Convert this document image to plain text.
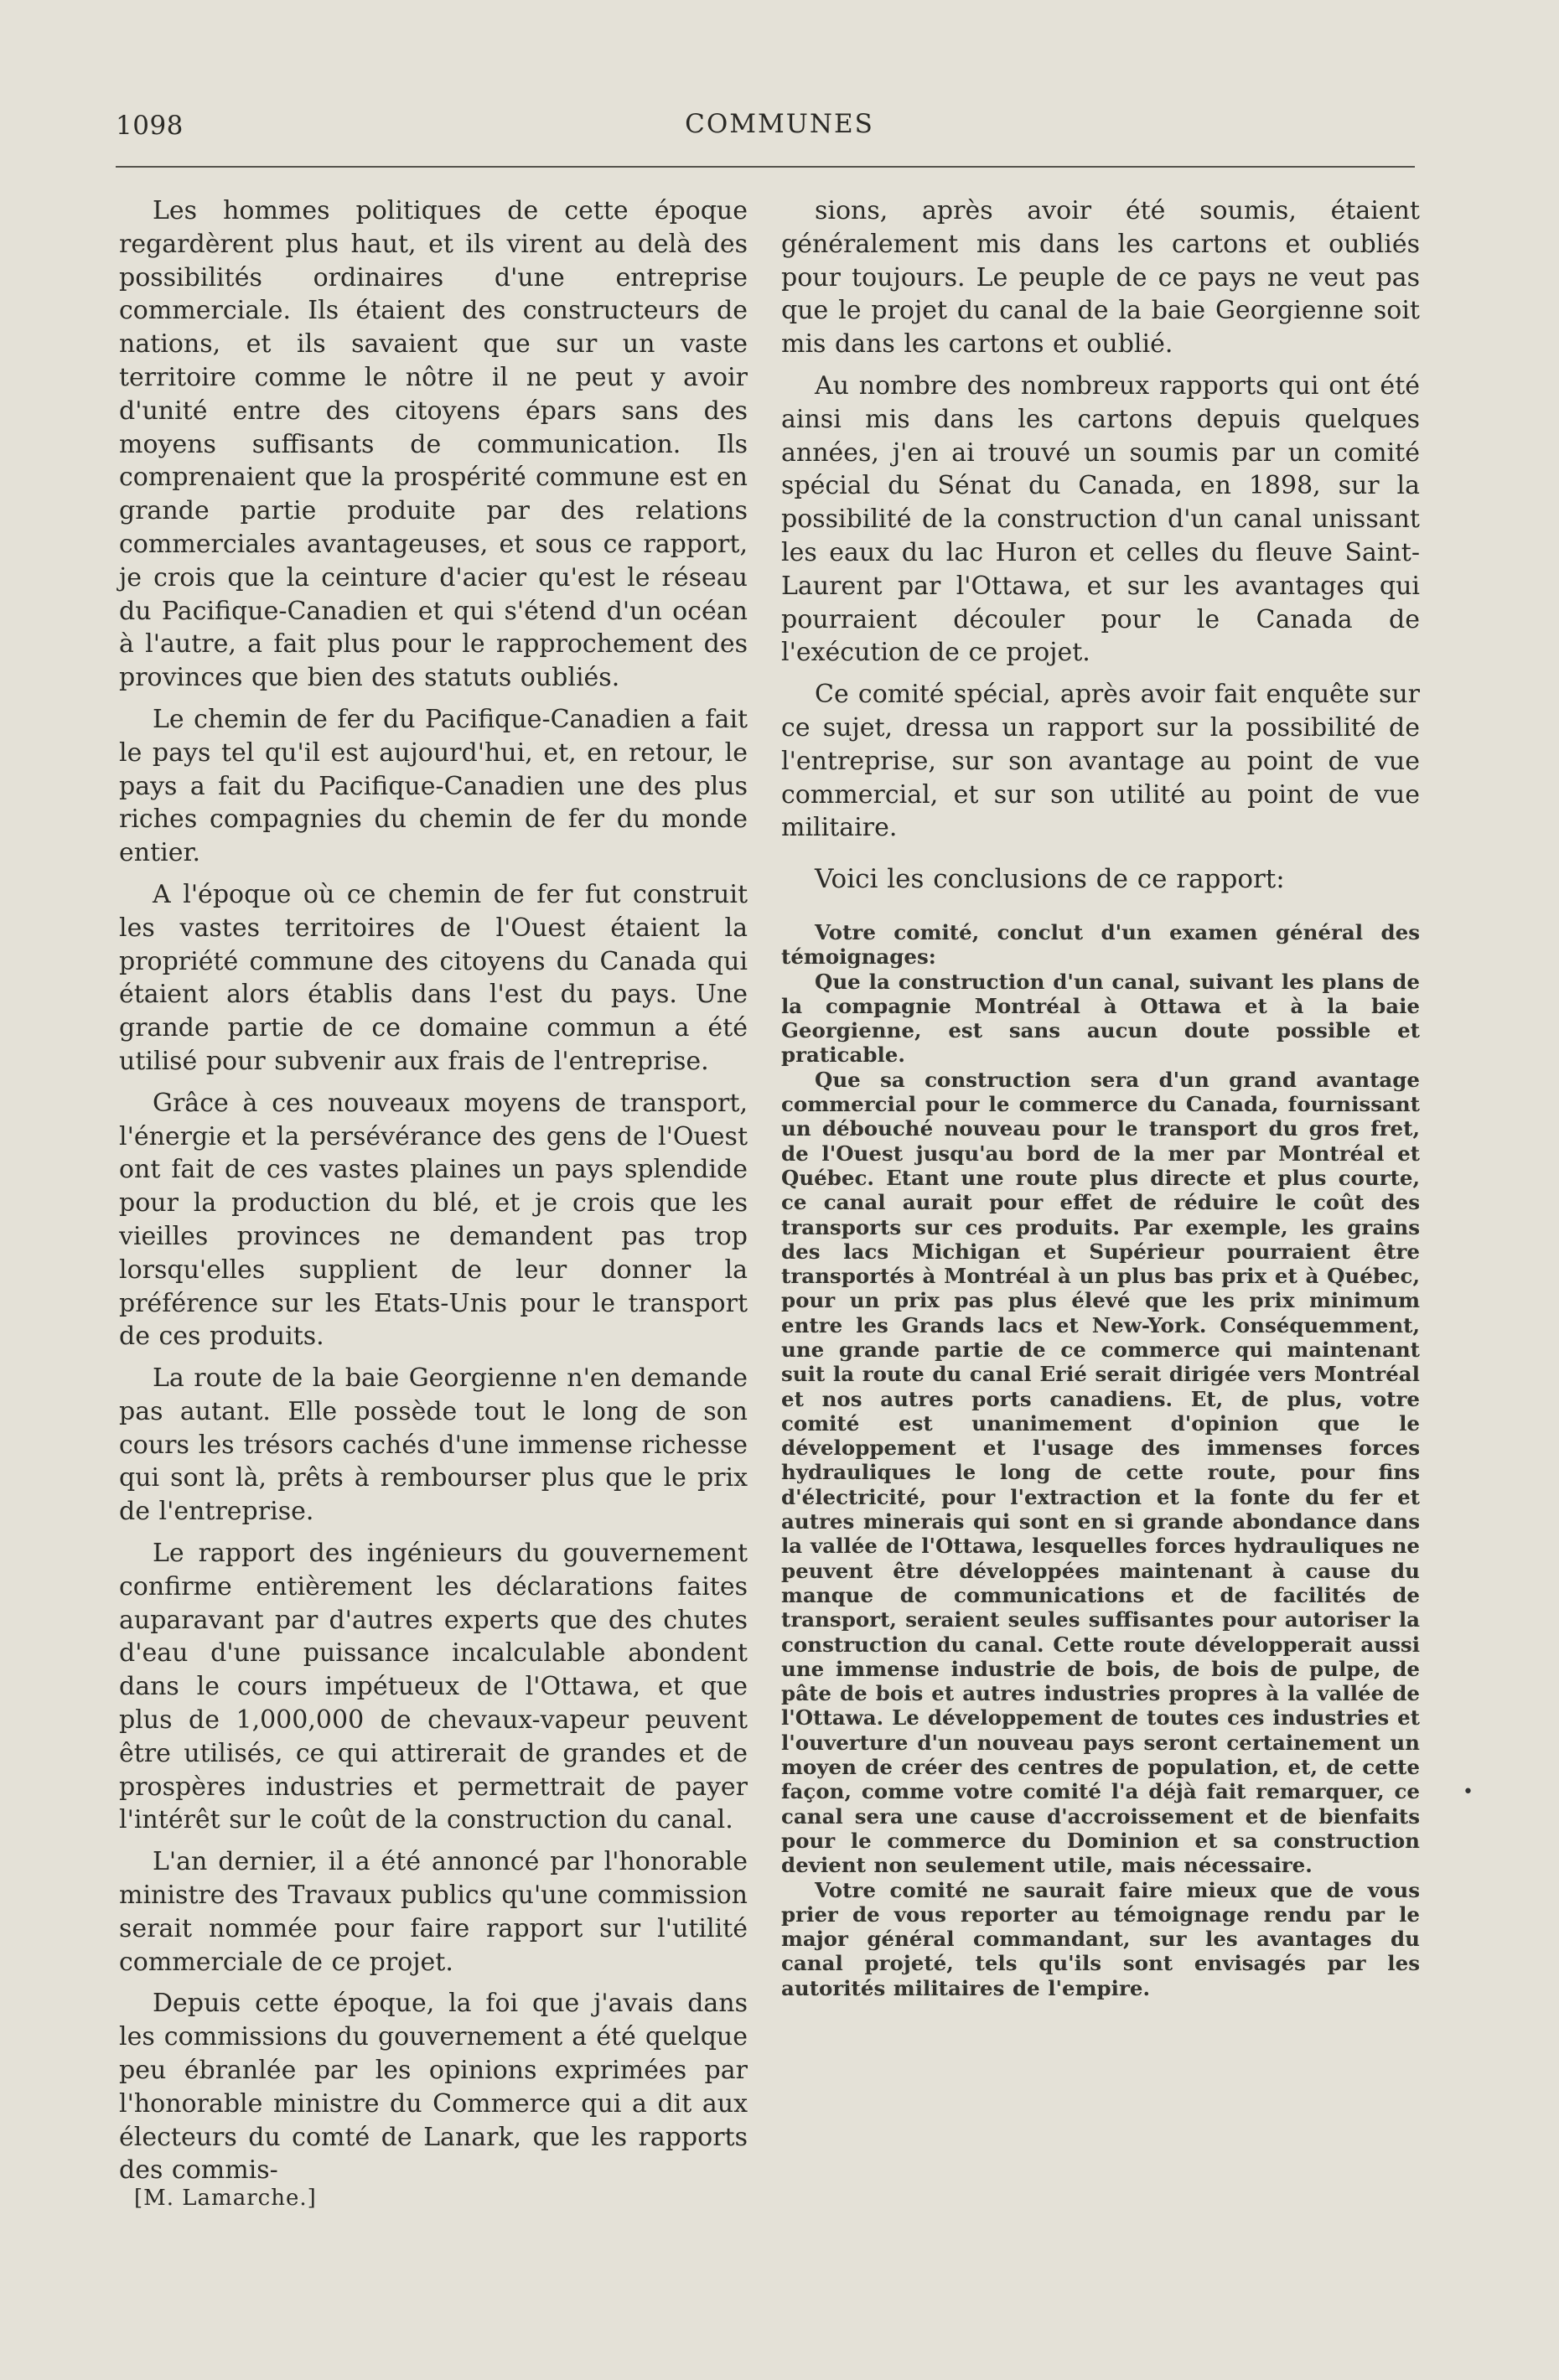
1098	COMMUNES

Les hommes politiques de cette époque regardèrent plus haut, et ils virent au delà des possibilités ordinaires d'une entreprise commerciale. Ils étaient des constructeurs de nations, et ils savaient que sur un vaste territoire comme le nôtre il ne peut y avoir d'unité entre des citoyens épars sans des moyens suffisants de communication. Ils comprenaient que la prospérité commune est en grande partie produite par des relations commerciales avantageuses, et sous ce rapport, je crois que la ceinture d'acier qu'est le réseau du Pacifique-Canadien et qui s'étend d'un océan à l'autre, a fait plus pour le rapprochement des provinces que bien des statuts oubliés.

Le chemin de fer du Pacifique-Canadien a fait le pays tel qu'il est aujourd'hui, et, en retour, le pays a fait du Pacifique-Canadien une des plus riches compagnies du chemin de fer du monde entier.

A l'époque où ce chemin de fer fut construit les vastes territoires de l'Ouest étaient la propriété commune des citoyens du Canada qui étaient alors établis dans l'est du pays. Une grande partie de ce domaine commun a été utilisé pour subvenir aux frais de l'entreprise.

Grâce à ces nouveaux moyens de transport, l'énergie et la persévérance des gens de l'Ouest ont fait de ces vastes plaines un pays splendide pour la production du blé, et je crois que les vieilles provinces ne demandent pas trop lorsqu'elles supplient de leur donner la préférence sur les Etats-Unis pour le transport de ces produits.

La route de la baie Georgienne n'en demande pas autant. Elle possède tout le long de son cours les trésors cachés d'une immense richesse qui sont là, prêts à rembourser plus que le prix de l'entreprise.

Le rapport des ingénieurs du gouvernement confirme entièrement les déclarations faites auparavant par d'autres experts que des chutes d'eau d'une puissance incalculable abondent dans le cours impétueux de l'Ottawa, et que plus de 1,000,000 de chevaux-vapeur peuvent être utilisés, ce qui attirerait de grandes et de prospères industries et permettrait de payer l'intérêt sur le coût de la construction du canal.

L'an dernier, il a été annoncé par l'honorable ministre des Travaux publics qu'une commission serait nommée pour faire rapport sur l'utilité commerciale de ce projet.

Depuis cette époque, la foi que j'avais dans les commissions du gouvernement a été quelque peu ébranlée par les opinions exprimées par l'honorable ministre du Commerce qui a dit aux électeurs du comté de Lanark, que les rapports des commis-

sions, après avoir été soumis, étaient généralement mis dans les cartons et oubliés pour toujours. Le peuple de ce pays ne veut pas que le projet du canal de la baie Georgienne soit mis dans les cartons et oublié.

Au nombre des nombreux rapports qui ont été ainsi mis dans les cartons depuis quelques années, j'en ai trouvé un soumis par un comité spécial du Sénat du Canada, en 1898, sur la possibilité de la construction d'un canal unissant les eaux du lac Huron et celles du fleuve Saint-Laurent par l'Ottawa, et sur les avantages qui pourraient découler pour le Canada de l'exécution de ce projet.

Ce comité spécial, après avoir fait enquête sur ce sujet, dressa un rapport sur la possibilité de l'entreprise, sur son avantage au point de vue commercial, et sur son utilité au point de vue militaire.

Voici les conclusions de ce rapport:

Votre comité, conclut d'un examen général des témoignages:

Que la construction d'un canal, suivant les plans de la compagnie Montréal à Ottawa et à la baie Georgienne, est sans aucun doute possible et praticable.

Que sa construction sera d'un grand avantage commercial pour le commerce du Canada, fournissant un débouché nouveau pour le transport du gros fret, de l'Ouest jusqu'au bord de la mer par Montréal et Québec. Etant une route plus directe et plus courte, ce canal aurait pour effet de réduire le coût des transports sur ces produits. Par exemple, les grains des lacs Michigan et Supérieur pourraient être transportés à Montréal à un plus bas prix et à Québec, pour un prix pas plus élevé que les prix minimum entre les Grands lacs et New-York. Conséquemment, une grande partie de ce commerce qui maintenant suit la route du canal Erié serait dirigée vers Montréal et nos autres ports canadiens. Et, de plus, votre comité est unanimement d'opinion que le développement et l'usage des immenses forces hydrauliques le long de cette route, pour fins d'électricité, pour l'extraction et la fonte du fer et autres minerais qui sont en si grande abondance dans la vallée de l'Ottawa, lesquelles forces hydrauliques ne peuvent être développées maintenant à cause du manque de communications et de facilités de transport, seraient seules suffisantes pour autoriser la construction du canal. Cette route développerait aussi une immense industrie de bois, de bois de pulpe, de pâte de bois et autres industries propres à la vallée de l'Ottawa. Le développement de toutes ces industries et l'ouverture d'un nouveau pays seront certainement un moyen de créer des centres de population, et, de cette façon, comme votre comité l'a déjà fait remarquer, ce canal sera une cause d'accroissement et de bienfaits pour le commerce du Dominion et sa construction devient non seulement utile, mais nécessaire.

Votre comité ne saurait faire mieux que de vous prier de vous reporter au témoignage rendu par le major général commandant, sur les avantages du canal projeté, tels qu'ils sont envisagés par les autorités militaires de l'empire.

[M. Lamarche.]
•
